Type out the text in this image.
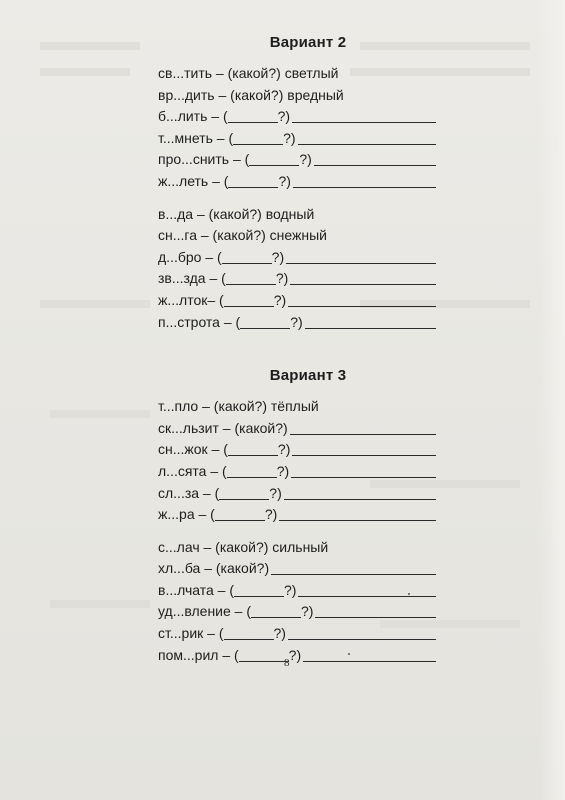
Вариант 2
св...тить – (какой?) светлый
вр...дить – (какой?) вредный
б...лить – (	?)
т...мнеть – (	?)
про...снить – (	?)
ж...леть – (	?)
в...да – (какой?) водный
сн...га – (какой?) снежный
д...бро – (	?)
зв...зда – (	?)
ж...лток– (	?)
п...строта – (	?)
Вариант 3
т...пло – (какой?) тёплый
ск...льзит – (какой?)
сн...жок – (	?)
л...сята – (	?)
сл...за – (	?)
ж...ра – (	?)
с...лач – (какой?) сильный
хл...ба – (какой?)
в...лчата – (	?)
уд...вление – (	?)
ст...рик – (	?)
пом...рил – (	?)
8
